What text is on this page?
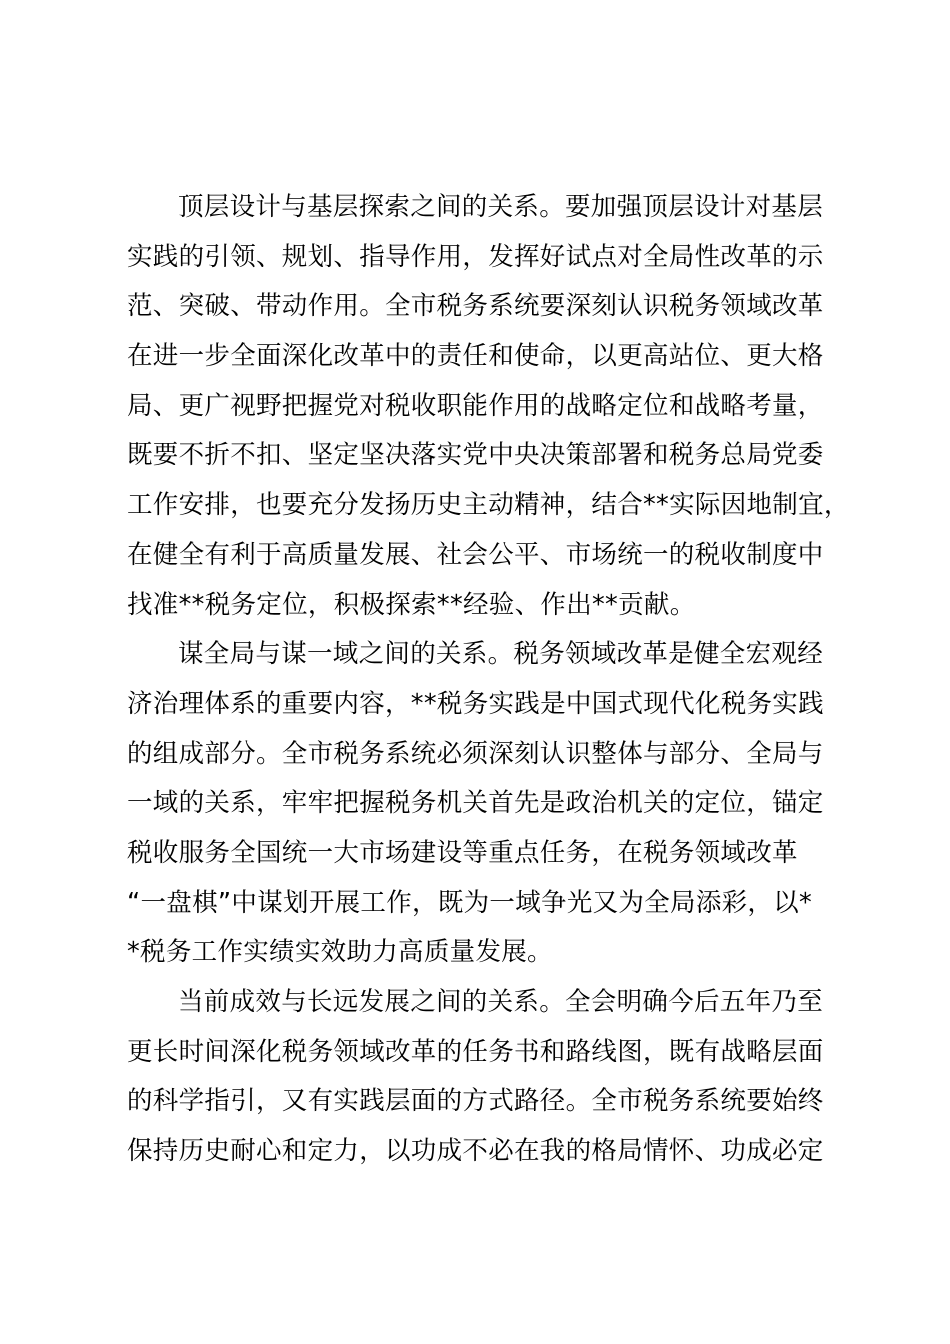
顶层设计与基层探索之间的关系。要加强顶层设计对基层
实践的引领、规划、指导作用，发挥好试点对全局性改革的示
范、突破、带动作用。全市税务系统要深刻认识税务领域改革
在进一步全面深化改革中的责任和使命，以更高站位、更大格
局、更广视野把握党对税收职能作用的战略定位和战略考量，
既要不折不扣、坚定坚决落实党中央决策部署和税务总局党委
工作安排，也要充分发扬历史主动精神，结合**实际因地制宜，
在健全有利于高质量发展、社会公平、市场统一的税收制度中
找准**税务定位，积极探索**经验、作出**贡献。
谋全局与谋一域之间的关系。税务领域改革是健全宏观经
济治理体系的重要内容，**税务实践是中国式现代化税务实践
的组成部分。全市税务系统必须深刻认识整体与部分、全局与
一域的关系，牢牢把握税务机关首先是政治机关的定位，锚定
税收服务全国统一大市场建设等重点任务，在税务领域改革
“一盘棋”中谋划开展工作，既为一域争光又为全局添彩，以*
*税务工作实绩实效助力高质量发展。
当前成效与长远发展之间的关系。全会明确今后五年乃至
更长时间深化税务领域改革的任务书和路线图，既有战略层面
的科学指引，又有实践层面的方式路径。全市税务系统要始终
保持历史耐心和定力，以功成不必在我的格局情怀、功成必定
